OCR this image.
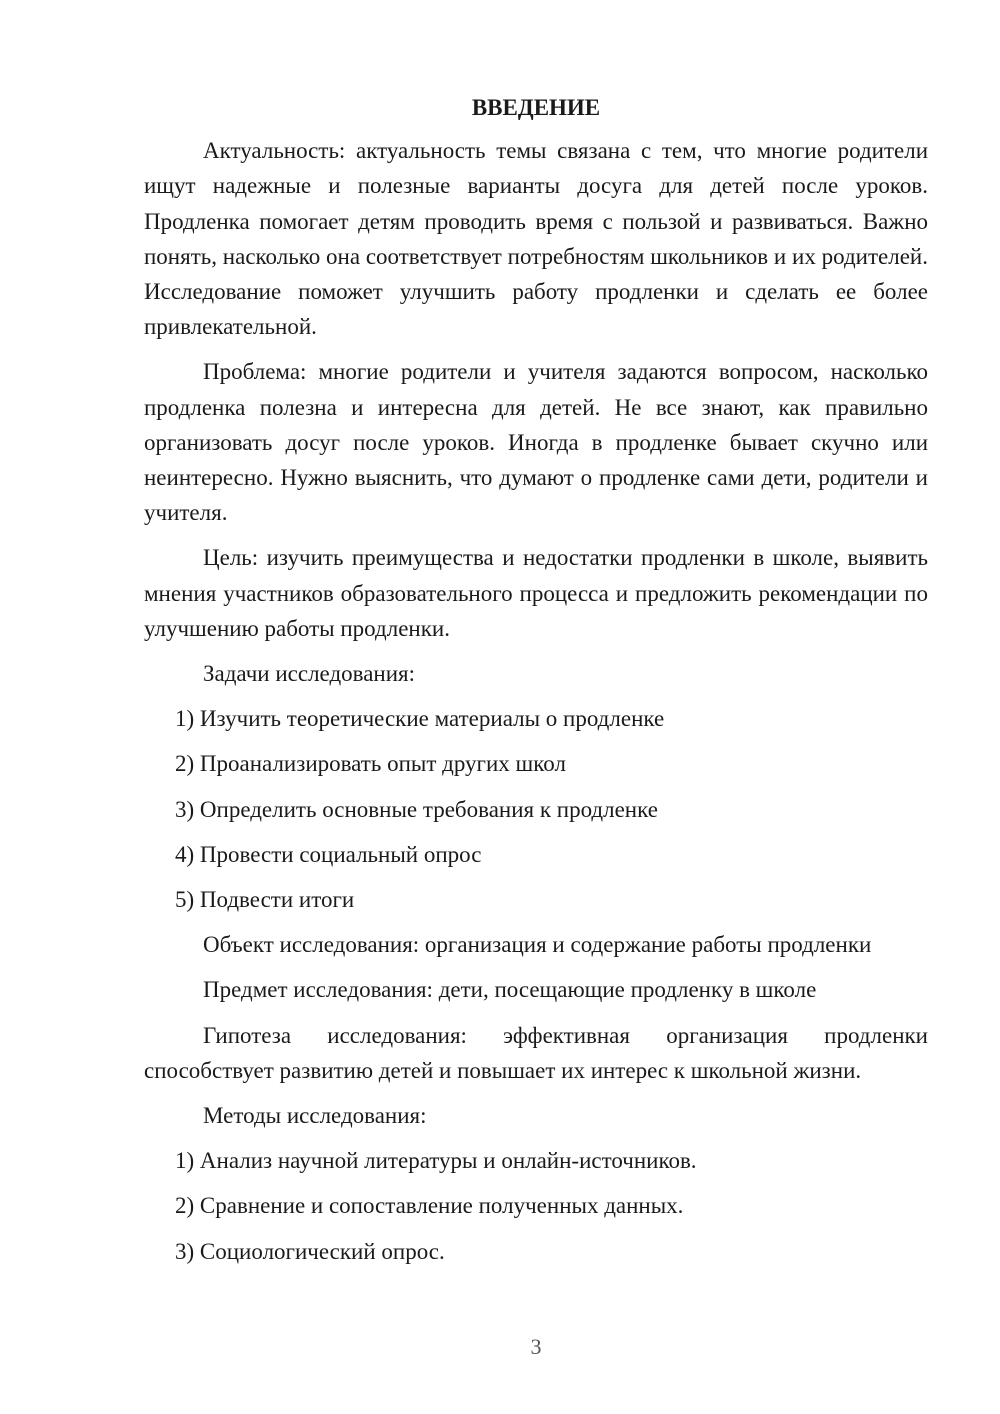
ВВЕДЕНИЕ

Актуальность: актуальность темы связана с тем, что многие родители ищут надежные и полезные варианты досуга для детей после уроков. Продленка помогает детям проводить время с пользой и развиваться. Важно понять, насколько она соответствует потребностям школьников и их родителей. Исследование поможет улучшить работу продленки и сделать ее более привлекательной.

Проблема: многие родители и учителя задаются вопросом, насколько продленка полезна и интересна для детей. Не все знают, как правильно организовать досуг после уроков. Иногда в продленке бывает скучно или неинтересно. Нужно выяснить, что думают о продленке сами дети, родители и учителя.

Цель: изучить преимущества и недостатки продленки в школе, выявить мнения участников образовательного процесса и предложить рекомендации по улучшению работы продленки.

Задачи исследования:
1) Изучить теоретические материалы о продленке
2) Проанализировать опыт других школ
3) Определить основные требования к продленке
4) Провести социальный опрос
5) Подвести итоги
Объект исследования: организация и содержание работы продленки
Предмет исследования: дети, посещающие продленку в школе

Гипотеза исследования: эффективная организация продленки способствует развитию детей и повышает их интерес к школьной жизни.

Методы исследования:
1) Анализ научной литературы и онлайн-источников.
2) Сравнение и сопоставление полученных данных.
3) Социологический опрос.
3
